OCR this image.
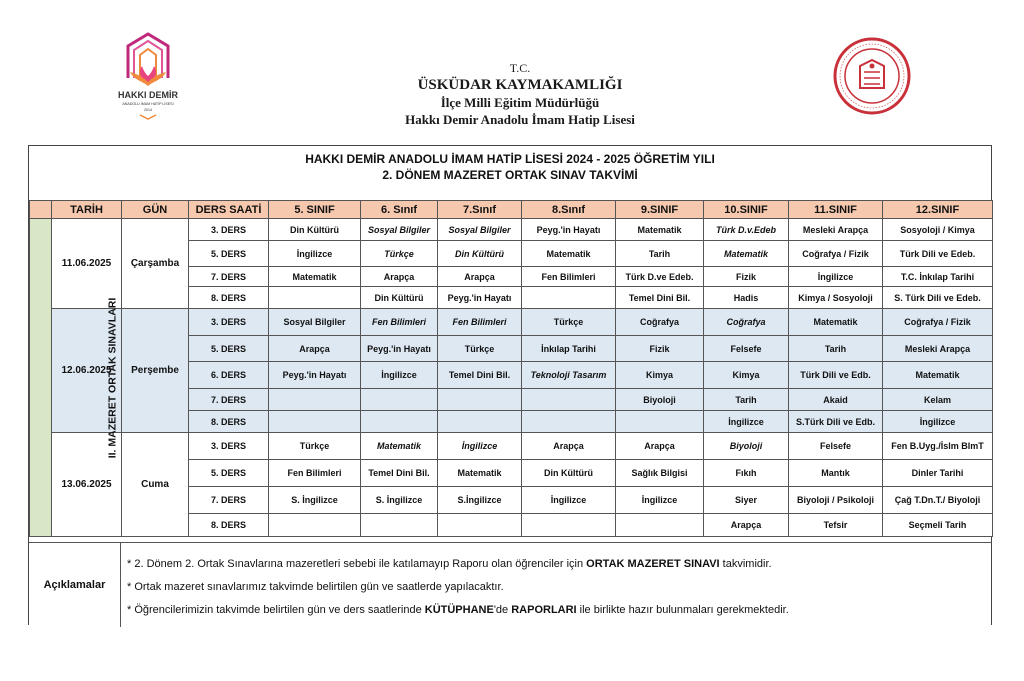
HAKKI DEMİR
ANADOLU İMAM HATİP LİSESİ
2014
T.C.
ÜSKÜDAR KAYMAKAMLIĞI
İlçe Milli Eğitim Müdürlüğü
Hakkı Demir Anadolu İmam Hatip Lisesi
HAKKI DEMİR ANADOLU İMAM HATİP LİSESİ 2024 - 2025 ÖĞRETİM YILI
2. DÖNEM MAZERET ORTAK SINAV TAKVİMİ
	TARİH	GÜN	DERS SAATİ	5. SINIF	6. Sınıf	7.Sınıf	8.Sınıf	9.SINIF	10.SINIF	11.SINIF	12.SINIF
II. MAZERET ORTAK SINAVLARI	11.06.2025	Çarşamba	3. DERS	Din Kültürü	Sosyal Bilgiler	Sosyal Bilgiler	Peyg.'in Hayatı	Matematik	Türk D.v.Edeb	Mesleki Arapça	Sosyoloji / Kimya
			5. DERS	İngilizce	Türkçe	Din Kültürü	Matematik	Tarih	Matematik	Coğrafya / Fizik	Türk Dili ve Edeb.
			7. DERS	Matematik	Arapça	Arapça	Fen Bilimleri	Türk D.ve Edeb.	Fizik	İngilizce	T.C. İnkılap Tarihi
			8. DERS		Din Kültürü	Peyg.'in Hayatı		Temel Dini Bil.	Hadis	Kimya / Sosyoloji	S. Türk Dili ve Edeb.
	12.06.2025	Perşembe	3. DERS	Sosyal Bilgiler	Fen Bilimleri	Fen Bilimleri	Türkçe	Coğrafya	Coğrafya	Matematik	Coğrafya / Fizik
			5. DERS	Arapça	Peyg.'in Hayatı	Türkçe	İnkılap Tarihi	Fizik	Felsefe	Tarih	Mesleki Arapça
			6. DERS	Peyg.'in Hayatı	İngilizce	Temel Dini Bil.	Teknoloji Tasarım	Kimya	Kimya	Türk Dili ve Edb.	Matematik
			7. DERS					Biyoloji	Tarih	Akaid	Kelam
			8. DERS						İngilizce	S.Türk Dili ve Edb.	İngilizce
	13.06.2025	Cuma	3. DERS	Türkçe	Matematik	İngilizce	Arapça	Arapça	Biyoloji	Felsefe	Fen B.Uyg./İslm BlmT
			5. DERS	Fen Bilimleri	Temel Dini Bil.	Matematik	Din Kültürü	Sağlık Bilgisi	Fıkıh	Mantık	Dinler Tarihi
			7. DERS	S. İngilizce	S. İngilizce	S.İngilizce	İngilizce	İngilizce	Siyer	Biyoloji / Psikoloji	Çağ T.Dn.T./ Biyoloji
			8. DERS						Arapça	Tefsir	Seçmeli Tarih
Açıklamalar
* 2. Dönem 2. Ortak Sınavlarına mazeretleri sebebi ile katılamayıp Raporu olan öğrenciler için ORTAK MAZERET SINAVI takvimidir.
* Ortak mazeret sınavlarımız takvimde belirtilen gün ve saatlerde yapılacaktır.
* Öğrencilerimizin takvimde belirtilen gün ve ders saatlerinde KÜTÜPHANE'de RAPORLARI ile birlikte hazır bulunmaları gerekmektedir.
